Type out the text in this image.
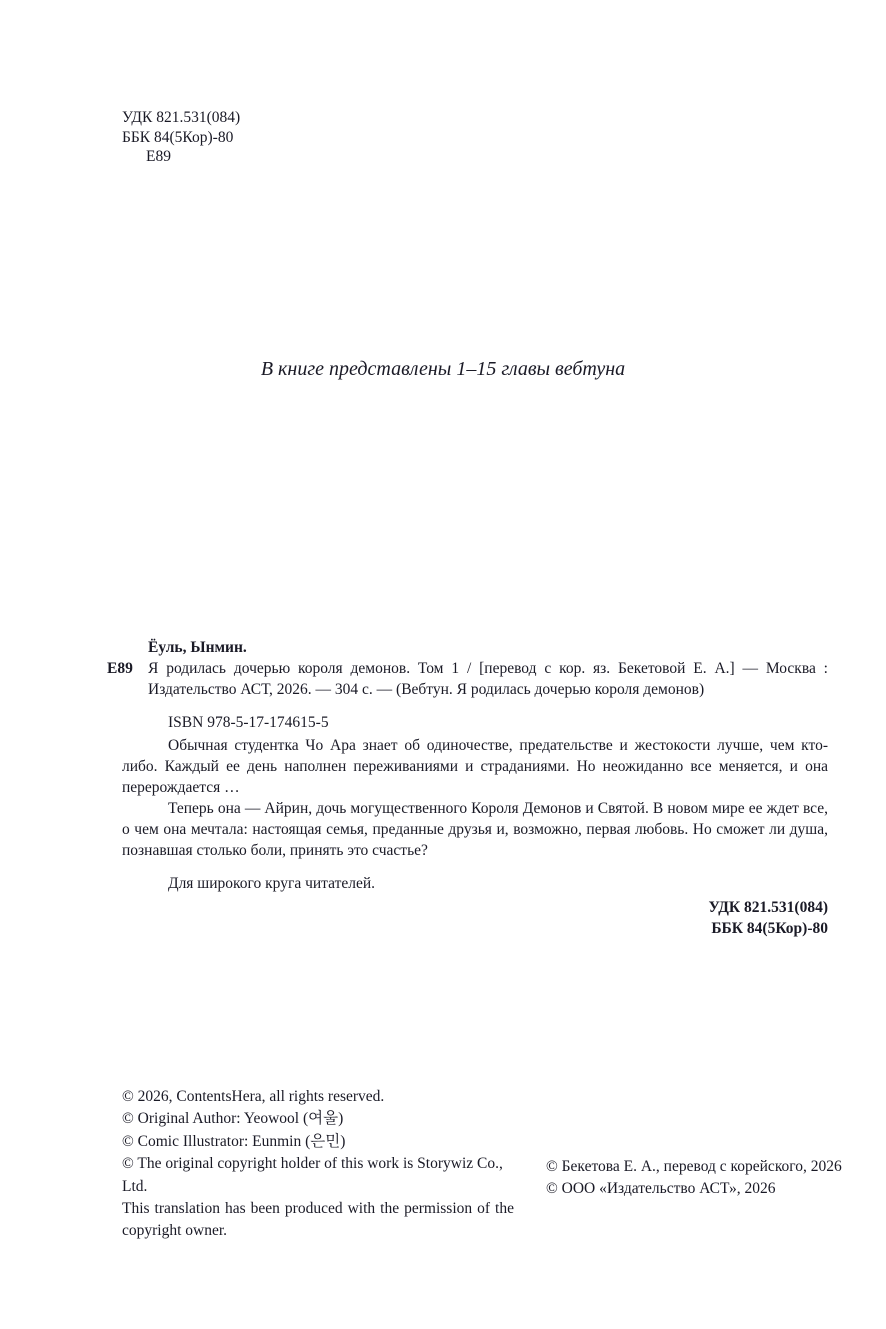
УДК 821.531(084)
ББК 84(5Кор)-80
Е89
В книге представлены 1–15 главы вебтуна
Ёуль, Ынмин.
Е89 Я родилась дочерью короля демонов. Том 1 / [перевод с кор. яз. Бекетовой Е. А.] — Москва : Издательство АСТ, 2026. — 304 с. — (Вебтун. Я родилась дочерью короля демонов)

ISBN 978-5-17-174615-5

Обычная студентка Чо Ара знает об одиночестве, предательстве и жестокости лучше, чем кто-либо. Каждый ее день наполнен переживаниями и страданиями. Но неожиданно все меняется, и она перерождается …

Теперь она — Айрин, дочь могущественного Короля Демонов и Святой. В новом мире ее ждет все, о чем она мечтала: настоящая семья, преданные друзья и, возможно, первая любовь. Но сможет ли душа, познавшая столько боли, принять это счастье?

Для широкого круга читателей.

УДК 821.531(084)
ББК 84(5Кор)-80

© 2026, ContentsHera, all rights reserved.

© Original Author: Yeowool (여울)

© Comic Illustrator: Eunmin (은민)

© The original copyright holder of this work is Storywiz Co., Ltd.

This translation has been produced with the permission of the copyright owner.

© Бекетова Е. А., перевод с корейского, 2026

© ООО «Издательство АСТ», 2026
